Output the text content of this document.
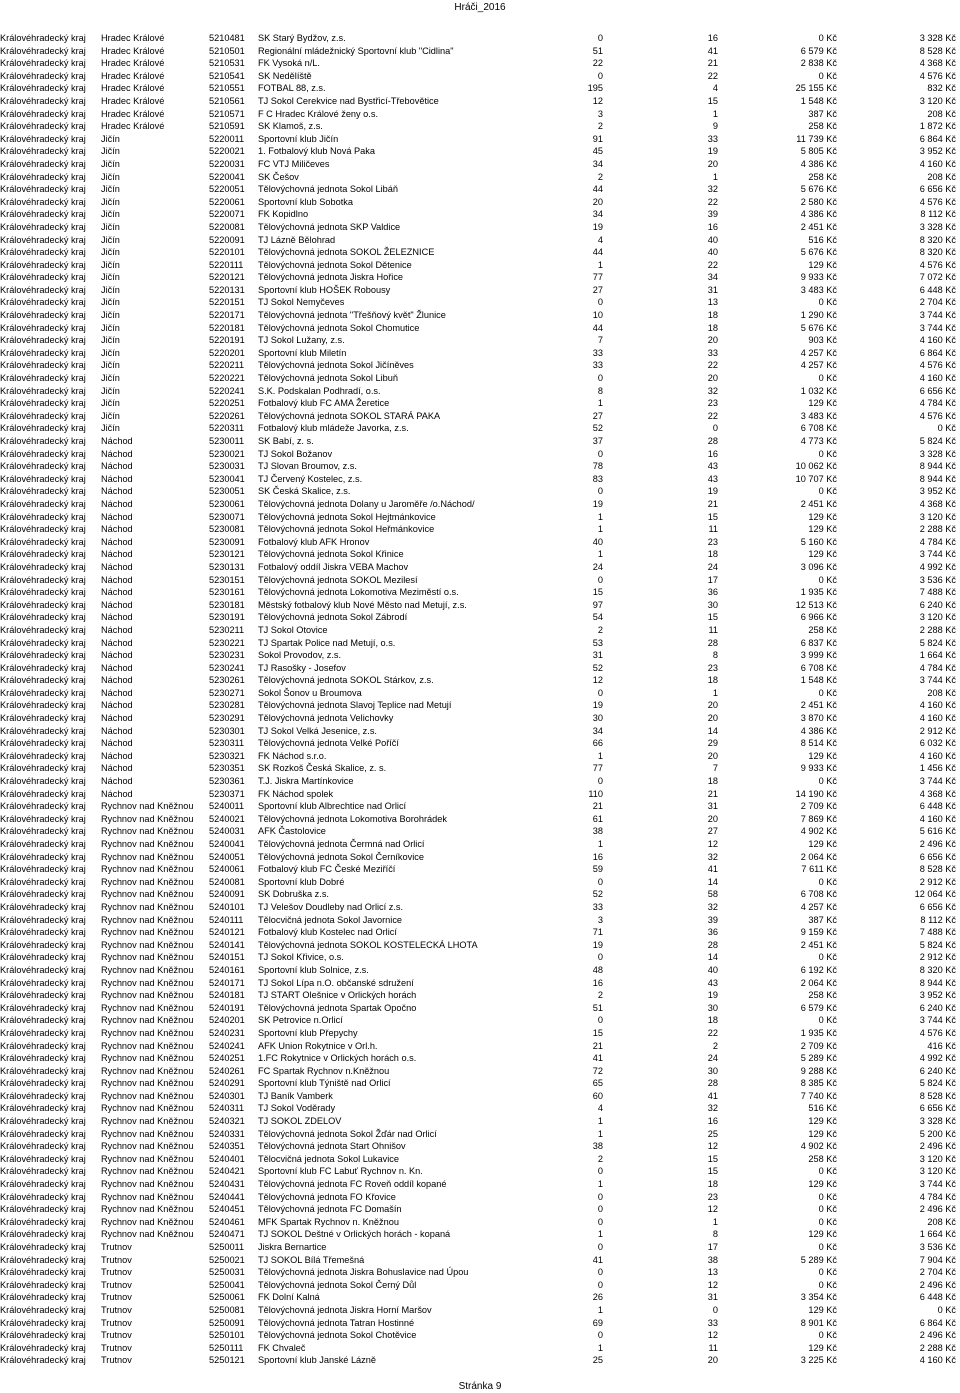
Hráči_2016
Královéhradecký kraj	Hradec Králové	5210481	SK Starý Bydžov, z.s.	0	16	0 Kč	3 328 Kč
Královéhradecký kraj	Hradec Králové	5210501	Regionální mládežnický Sportovní klub "Cidlina"	51	41	6 579 Kč	8 528 Kč
Královéhradecký kraj	Hradec Králové	5210531	FK Vysoká n/L.	22	21	2 838 Kč	4 368 Kč
Královéhradecký kraj	Hradec Králové	5210541	SK Nedělíště	0	22	0 Kč	4 576 Kč
Královéhradecký kraj	Hradec Králové	5210551	FOTBAL 88, z.s.	195	4	25 155 Kč	832 Kč
Královéhradecký kraj	Hradec Králové	5210561	TJ Sokol Cerekvice nad Bystřicí-Třebovětice	12	15	1 548 Kč	3 120 Kč
Královéhradecký kraj	Hradec Králové	5210571	F C Hradec Králové ženy o.s.	3	1	387 Kč	208 Kč
Královéhradecký kraj	Hradec Králové	5210591	SK Klamoš, z.s.	2	9	258 Kč	1 872 Kč
Královéhradecký kraj	Jičín	5220011	Sportovní klub Jičín	91	33	11 739 Kč	6 864 Kč
Královéhradecký kraj	Jičín	5220021	1. Fotbalový klub Nová Paka	45	19	5 805 Kč	3 952 Kč
Královéhradecký kraj	Jičín	5220031	FC VTJ Miličeves	34	20	4 386 Kč	4 160 Kč
Královéhradecký kraj	Jičín	5220041	SK Češov	2	1	258 Kč	208 Kč
Královéhradecký kraj	Jičín	5220051	Tělovýchovná jednota Sokol Libáň	44	32	5 676 Kč	6 656 Kč
Královéhradecký kraj	Jičín	5220061	Sportovní klub Sobotka	20	22	2 580 Kč	4 576 Kč
Královéhradecký kraj	Jičín	5220071	FK Kopidlno	34	39	4 386 Kč	8 112 Kč
Královéhradecký kraj	Jičín	5220081	Tělovýchovná jednota SKP Valdice	19	16	2 451 Kč	3 328 Kč
Královéhradecký kraj	Jičín	5220091	TJ Lázně Bělohrad	4	40	516 Kč	8 320 Kč
Královéhradecký kraj	Jičín	5220101	Tělovýchovná jednota SOKOL ŽELEZNICE	44	40	5 676 Kč	8 320 Kč
Královéhradecký kraj	Jičín	5220111	Tělovýchovná jednota Sokol Dětenice	1	22	129 Kč	4 576 Kč
Královéhradecký kraj	Jičín	5220121	Tělovýchovná jednota Jiskra Hořice	77	34	9 933 Kč	7 072 Kč
Královéhradecký kraj	Jičín	5220131	Sportovní klub HOŠEK Robousy	27	31	3 483 Kč	6 448 Kč
Královéhradecký kraj	Jičín	5220151	TJ Sokol Nemyčeves	0	13	0 Kč	2 704 Kč
Královéhradecký kraj	Jičín	5220171	Tělovýchovná jednota "Třešňový květ" Žlunice	10	18	1 290 Kč	3 744 Kč
Královéhradecký kraj	Jičín	5220181	Tělovýchovná jednota Sokol Chomutice	44	18	5 676 Kč	3 744 Kč
Královéhradecký kraj	Jičín	5220191	TJ Sokol Lužany, z.s.	7	20	903 Kč	4 160 Kč
Královéhradecký kraj	Jičín	5220201	Sportovní klub Miletín	33	33	4 257 Kč	6 864 Kč
Královéhradecký kraj	Jičín	5220211	Tělovýchovná jednota Sokol Jičíněves	33	22	4 257 Kč	4 576 Kč
Královéhradecký kraj	Jičín	5220221	Tělovýchovná jednota Sokol Libuň	0	20	0 Kč	4 160 Kč
Královéhradecký kraj	Jičín	5220241	S.K. Podskalan Podhradí, o.s.	8	32	1 032 Kč	6 656 Kč
Královéhradecký kraj	Jičín	5220251	Fotbalový klub FC AMA Žeretice	1	23	129 Kč	4 784 Kč
Královéhradecký kraj	Jičín	5220261	Tělovýchovná jednota SOKOL STARÁ PAKA	27	22	3 483 Kč	4 576 Kč
Královéhradecký kraj	Jičín	5220311	Fotbalový klub mládeže Javorka, z.s.	52	0	6 708 Kč	0 Kč
Královéhradecký kraj	Náchod	5230011	SK Babí, z. s.	37	28	4 773 Kč	5 824 Kč
Královéhradecký kraj	Náchod	5230021	TJ Sokol Božanov	0	16	0 Kč	3 328 Kč
Královéhradecký kraj	Náchod	5230031	TJ Slovan Broumov, z.s.	78	43	10 062 Kč	8 944 Kč
Královéhradecký kraj	Náchod	5230041	TJ Červený Kostelec, z.s.	83	43	10 707 Kč	8 944 Kč
Královéhradecký kraj	Náchod	5230051	SK Česká Skalice, z.s.	0	19	0 Kč	3 952 Kč
Královéhradecký kraj	Náchod	5230061	Tělovýchovná jednota Dolany u Jaroměře /o.Náchod/	19	21	2 451 Kč	4 368 Kč
Královéhradecký kraj	Náchod	5230071	Tělovýchovná jednota Sokol Hejtmánkovice	1	15	129 Kč	3 120 Kč
Královéhradecký kraj	Náchod	5230081	Tělovýchovná jednota Sokol Heřmánkovice	1	11	129 Kč	2 288 Kč
Královéhradecký kraj	Náchod	5230091	Fotbalový klub AFK Hronov	40	23	5 160 Kč	4 784 Kč
Královéhradecký kraj	Náchod	5230121	Tělovýchovná jednota Sokol Křinice	1	18	129 Kč	3 744 Kč
Královéhradecký kraj	Náchod	5230131	Fotbalový oddíl Jiskra VEBA Machov	24	24	3 096 Kč	4 992 Kč
Královéhradecký kraj	Náchod	5230151	Tělovýchovná jednota SOKOL Mezilesí	0	17	0 Kč	3 536 Kč
Královéhradecký kraj	Náchod	5230161	Tělovýchovná jednota Lokomotiva Meziměstí o.s.	15	36	1 935 Kč	7 488 Kč
Královéhradecký kraj	Náchod	5230181	Městský fotbalový klub Nové Město nad Metují, z.s.	97	30	12 513 Kč	6 240 Kč
Královéhradecký kraj	Náchod	5230191	Tělovýchovná jednota Sokol Zábrodí	54	15	6 966 Kč	3 120 Kč
Královéhradecký kraj	Náchod	5230211	TJ Sokol Otovice	2	11	258 Kč	2 288 Kč
Královéhradecký kraj	Náchod	5230221	TJ Spartak Police nad Metují, o.s.	53	28	6 837 Kč	5 824 Kč
Královéhradecký kraj	Náchod	5230231	Sokol Provodov, z.s.	31	8	3 999 Kč	1 664 Kč
Královéhradecký kraj	Náchod	5230241	TJ Rasošky - Josefov	52	23	6 708 Kč	4 784 Kč
Královéhradecký kraj	Náchod	5230261	Tělovýchovná jednota SOKOL Stárkov, z.s.	12	18	1 548 Kč	3 744 Kč
Královéhradecký kraj	Náchod	5230271	Sokol Šonov u Broumova	0	1	0 Kč	208 Kč
Královéhradecký kraj	Náchod	5230281	Tělovýchovná jednota Slavoj Teplice nad Metují	19	20	2 451 Kč	4 160 Kč
Královéhradecký kraj	Náchod	5230291	Tělovýchovná jednota Velichovky	30	20	3 870 Kč	4 160 Kč
Královéhradecký kraj	Náchod	5230301	TJ Sokol Velká Jesenice, z.s.	34	14	4 386 Kč	2 912 Kč
Královéhradecký kraj	Náchod	5230311	Tělovýchovná jednota Velké Poříčí	66	29	8 514 Kč	6 032 Kč
Královéhradecký kraj	Náchod	5230321	FK Náchod s.r.o.	1	20	129 Kč	4 160 Kč
Královéhradecký kraj	Náchod	5230351	SK Rozkoš Česká Skalice, z. s.	77	7	9 933 Kč	1 456 Kč
Královéhradecký kraj	Náchod	5230361	T.J. Jiskra Martínkovice	0	18	0 Kč	3 744 Kč
Královéhradecký kraj	Náchod	5230371	FK Náchod spolek	110	21	14 190 Kč	4 368 Kč
Královéhradecký kraj	Rychnov nad Kněžnou	5240011	Sportovní klub Albrechtice nad Orlicí	21	31	2 709 Kč	6 448 Kč
Královéhradecký kraj	Rychnov nad Kněžnou	5240021	Tělovýchovná jednota Lokomotiva Borohrádek	61	20	7 869 Kč	4 160 Kč
Královéhradecký kraj	Rychnov nad Kněžnou	5240031	AFK Častolovice	38	27	4 902 Kč	5 616 Kč
Královéhradecký kraj	Rychnov nad Kněžnou	5240041	Tělovýchovná jednota Čermná nad Orlicí	1	12	129 Kč	2 496 Kč
Královéhradecký kraj	Rychnov nad Kněžnou	5240051	Tělovýchovná jednota Sokol Černíkovice	16	32	2 064 Kč	6 656 Kč
Královéhradecký kraj	Rychnov nad Kněžnou	5240061	Fotbalový klub FC České Meziříčí	59	41	7 611 Kč	8 528 Kč
Královéhradecký kraj	Rychnov nad Kněžnou	5240081	Sportovní klub Dobré	0	14	0 Kč	2 912 Kč
Královéhradecký kraj	Rychnov nad Kněžnou	5240091	SK Dobruška z.s.	52	58	6 708 Kč	12 064 Kč
Královéhradecký kraj	Rychnov nad Kněžnou	5240101	TJ Velešov Doudleby nad Orlicí z.s.	33	32	4 257 Kč	6 656 Kč
Královéhradecký kraj	Rychnov nad Kněžnou	5240111	Tělocvičná jednota Sokol Javornice	3	39	387 Kč	8 112 Kč
Královéhradecký kraj	Rychnov nad Kněžnou	5240121	Fotbalový klub Kostelec nad Orlicí	71	36	9 159 Kč	7 488 Kč
Královéhradecký kraj	Rychnov nad Kněžnou	5240141	Tělovýchovná jednota SOKOL KOSTELECKÁ LHOTA	19	28	2 451 Kč	5 824 Kč
Královéhradecký kraj	Rychnov nad Kněžnou	5240151	TJ Sokol Křivice, o.s.	0	14	0 Kč	2 912 Kč
Královéhradecký kraj	Rychnov nad Kněžnou	5240161	Sportovní klub Solnice, z.s.	48	40	6 192 Kč	8 320 Kč
Královéhradecký kraj	Rychnov nad Kněžnou	5240171	TJ Sokol Lípa n.O. občanské sdružení	16	43	2 064 Kč	8 944 Kč
Královéhradecký kraj	Rychnov nad Kněžnou	5240181	TJ START Olešnice v Orlických horách	2	19	258 Kč	3 952 Kč
Královéhradecký kraj	Rychnov nad Kněžnou	5240191	Tělovýchovná jednota Spartak Opočno	51	30	6 579 Kč	6 240 Kč
Královéhradecký kraj	Rychnov nad Kněžnou	5240201	SK Petrovice n.Orlicí	0	18	0 Kč	3 744 Kč
Královéhradecký kraj	Rychnov nad Kněžnou	5240231	Sportovní klub Přepychy	15	22	1 935 Kč	4 576 Kč
Královéhradecký kraj	Rychnov nad Kněžnou	5240241	AFK Union Rokytnice v Orl.h.	21	2	2 709 Kč	416 Kč
Královéhradecký kraj	Rychnov nad Kněžnou	5240251	1.FC Rokytnice v Orlických horách o.s.	41	24	5 289 Kč	4 992 Kč
Královéhradecký kraj	Rychnov nad Kněžnou	5240261	FC Spartak Rychnov n.Kněžnou	72	30	9 288 Kč	6 240 Kč
Královéhradecký kraj	Rychnov nad Kněžnou	5240291	Sportovní klub Týniště nad Orlicí	65	28	8 385 Kč	5 824 Kč
Královéhradecký kraj	Rychnov nad Kněžnou	5240301	TJ Baník Vamberk	60	41	7 740 Kč	8 528 Kč
Královéhradecký kraj	Rychnov nad Kněžnou	5240311	TJ Sokol Voděrady	4	32	516 Kč	6 656 Kč
Královéhradecký kraj	Rychnov nad Kněžnou	5240321	TJ SOKOL ZDELOV	1	16	129 Kč	3 328 Kč
Královéhradecký kraj	Rychnov nad Kněžnou	5240331	Tělovýchovná jednota Sokol Žďár nad Orlicí	1	25	129 Kč	5 200 Kč
Královéhradecký kraj	Rychnov nad Kněžnou	5240351	Tělovýchovná jednota Start Ohnišov	38	12	4 902 Kč	2 496 Kč
Královéhradecký kraj	Rychnov nad Kněžnou	5240401	Tělocvičná jednota Sokol Lukavice	2	15	258 Kč	3 120 Kč
Královéhradecký kraj	Rychnov nad Kněžnou	5240421	Sportovní klub FC Labuť Rychnov n. Kn.	0	15	0 Kč	3 120 Kč
Královéhradecký kraj	Rychnov nad Kněžnou	5240431	Tělovýchovná jednota FC Roveň oddíl kopané	1	18	129 Kč	3 744 Kč
Královéhradecký kraj	Rychnov nad Kněžnou	5240441	Tělovýchovná jednota FO Křovice	0	23	0 Kč	4 784 Kč
Královéhradecký kraj	Rychnov nad Kněžnou	5240451	Tělovýchovná jednota FC Domašín	0	12	0 Kč	2 496 Kč
Královéhradecký kraj	Rychnov nad Kněžnou	5240461	MFK Spartak Rychnov n. Kněžnou	0	1	0 Kč	208 Kč
Královéhradecký kraj	Rychnov nad Kněžnou	5240471	TJ SOKOL Deštné v Orlických horách - kopaná	1	8	129 Kč	1 664 Kč
Královéhradecký kraj	Trutnov	5250011	Jiskra Bernartice	0	17	0 Kč	3 536 Kč
Královéhradecký kraj	Trutnov	5250021	TJ SOKOL Bílá Třemešná	41	38	5 289 Kč	7 904 Kč
Královéhradecký kraj	Trutnov	5250031	Tělovýchovná jednota Jiskra Bohuslavice nad Úpou	0	13	0 Kč	2 704 Kč
Královéhradecký kraj	Trutnov	5250041	Tělovýchovná jednota Sokol Černý Důl	0	12	0 Kč	2 496 Kč
Královéhradecký kraj	Trutnov	5250061	FK Dolní Kalná	26	31	3 354 Kč	6 448 Kč
Královéhradecký kraj	Trutnov	5250081	Tělovýchovná jednota Jiskra Horní Maršov	1	0	129 Kč	0 Kč
Královéhradecký kraj	Trutnov	5250091	Tělovýchovná jednota Tatran Hostinné	69	33	8 901 Kč	6 864 Kč
Královéhradecký kraj	Trutnov	5250101	Tělovýchovná jednota Sokol Chotěvice	0	12	0 Kč	2 496 Kč
Královéhradecký kraj	Trutnov	5250111	FK Chvaleč	1	11	129 Kč	2 288 Kč
Královéhradecký kraj	Trutnov	5250121	Sportovní klub Janské Lázně	25	20	3 225 Kč	4 160 Kč
Stránka 9
